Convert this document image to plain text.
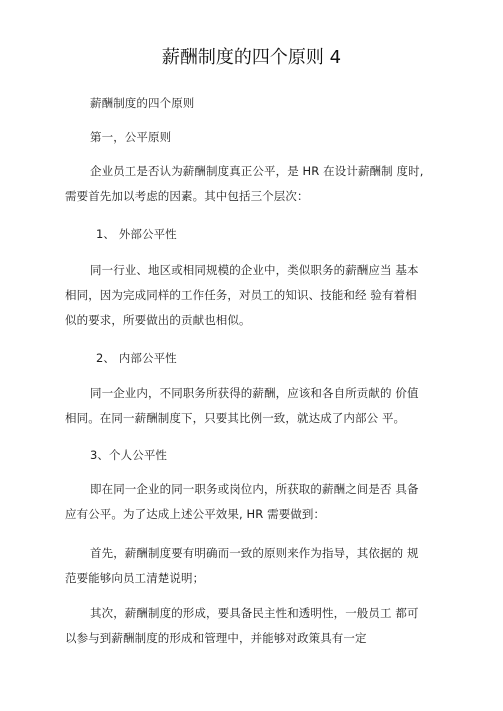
薪酬制度的四个原则 4
薪酬制度的四个原则
第一，公平原则
企业员工是否认为薪酬制度真正公平，是 HR 在设计薪酬制 度时,
需要首先加以考虑的因素。其中包括三个层次：
1、 外部公平性
同一行业、地区或相同规模的企业中，类似职务的薪酬应当 基本
相同，因为完成同样的工作任务，对员工的知识、技能和经 验有着相
似的要求，所要做出的贡献也相似。
2、 内部公平性
同一企业内，不同职务所获得的薪酬，应该和各自所贡献的 价值
相同。在同一薪酬制度下，只要其比例一致，就达成了内部公 平。
3、个人公平性
即在同一企业的同一职务或岗位内，所获取的薪酬之间是否 具备
应有公平。为了达成上述公平效果, HR 需要做到：
首先，薪酬制度要有明确而一致的原则来作为指导，其依据的 规
范要能够向员工清楚说明；
其次，薪酬制度的形成，要具备民主性和透明性，一般员工 都可
以参与到薪酬制度的形成和管理中，并能够对政策具有一定
